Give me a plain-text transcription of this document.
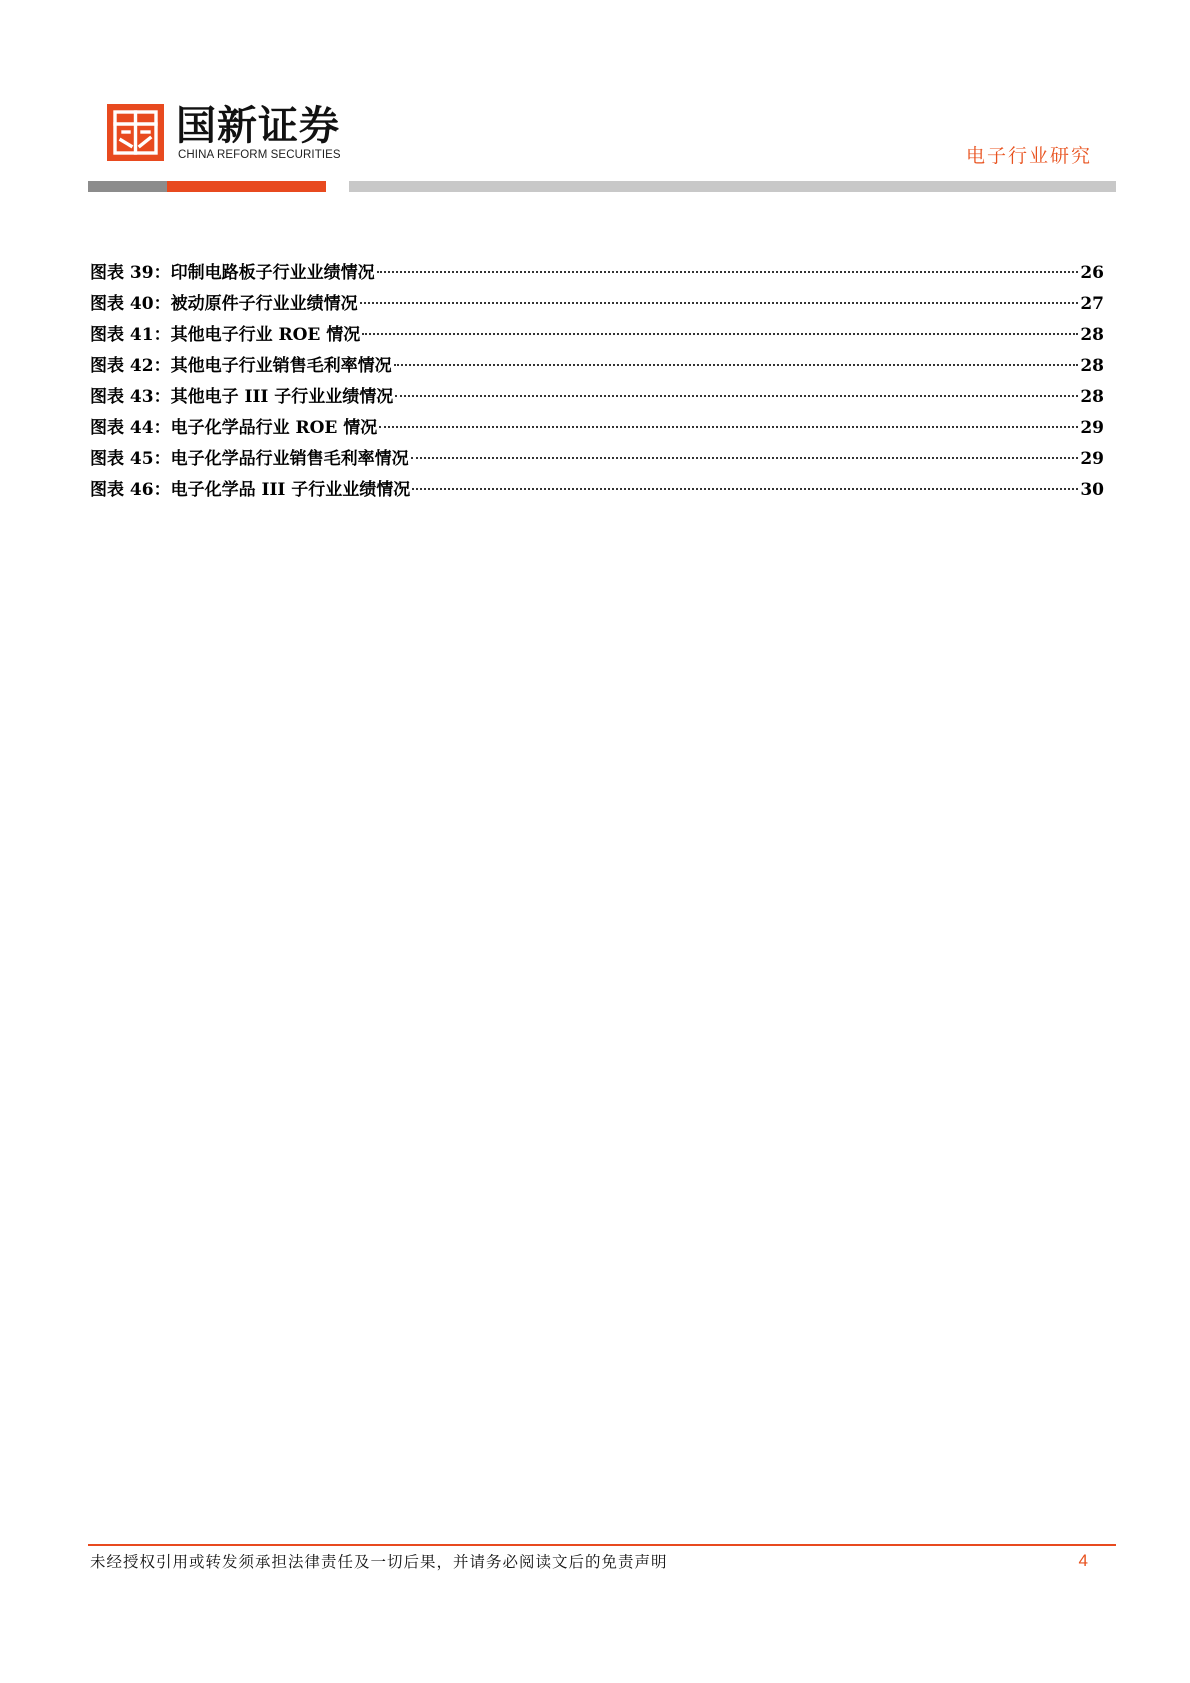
国新证券
CHINA REFORM SECURITIES	电子行业研究
图表 39：印制电路板子行业业绩情况	26
图表 40：被动原件子行业业绩情况	27
图表 41：其他电子行业 ROE 情况	28
图表 42：其他电子行业销售毛利率情况	28
图表 43：其他电子 III 子行业业绩情况	28
图表 44：电子化学品行业 ROE 情况	29
图表 45：电子化学品行业销售毛利率情况	29
图表 46：电子化学品 III 子行业业绩情况	30
未经授权引用或转发须承担法律责任及一切后果，并请务必阅读文后的免责声明	4
